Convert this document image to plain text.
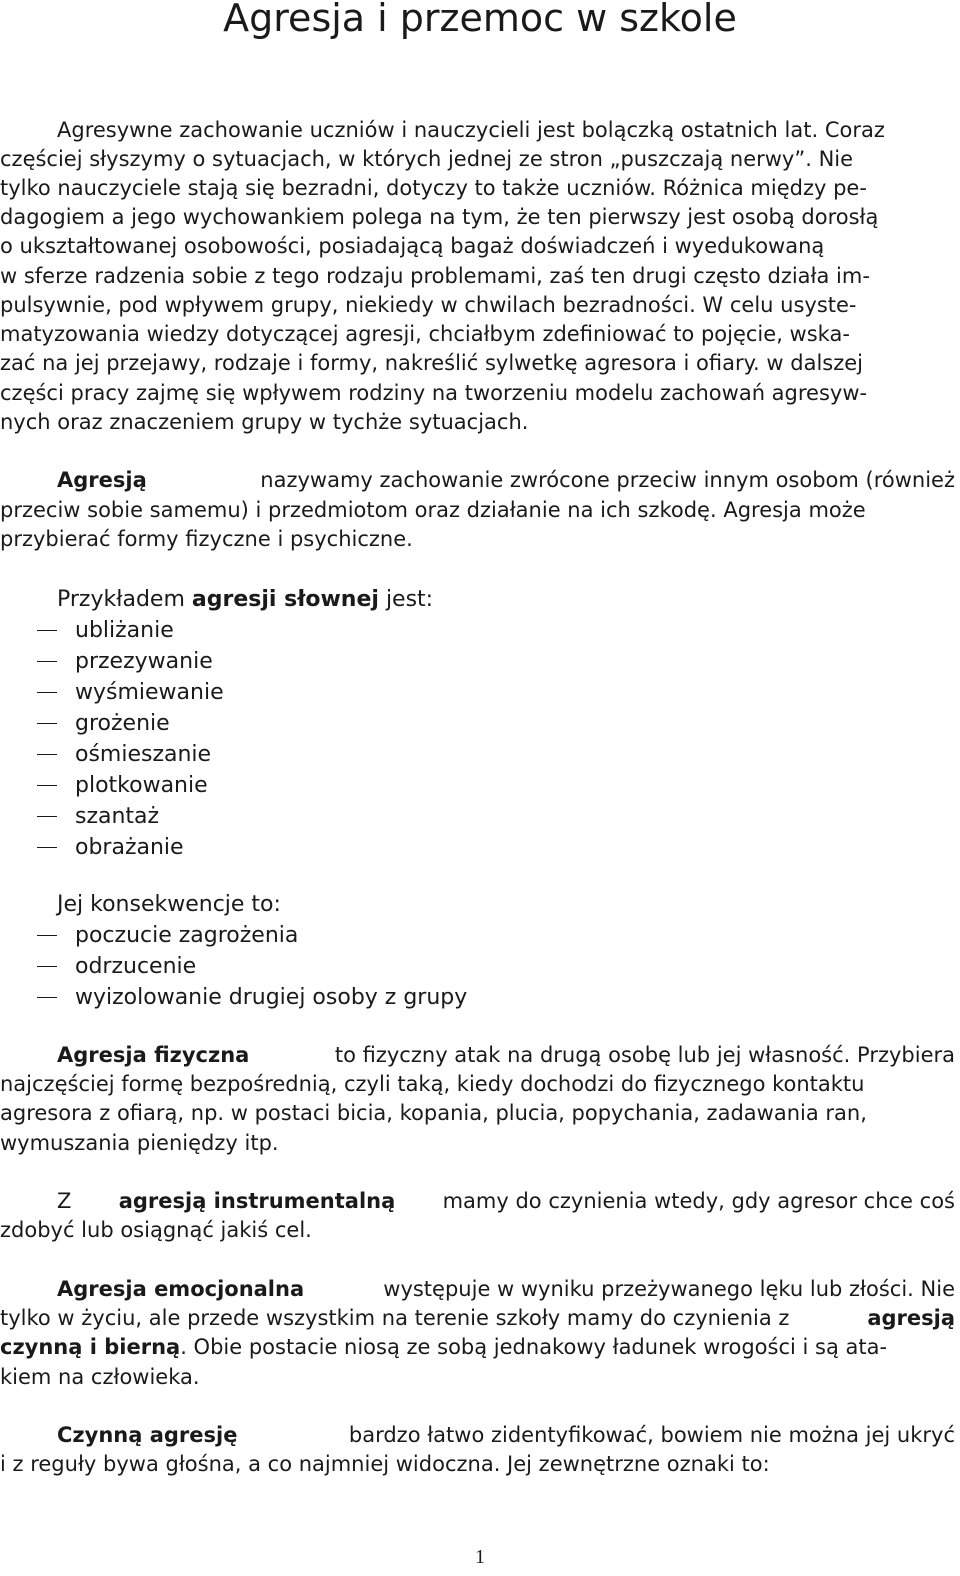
Agresja i przemoc w szkole
Agresywne zachowanie uczniów i nauczycieli jest bolączką ostatnich lat. Coraz
częściej słyszymy o sytuacjach, w których jednej ze stron „puszczają nerwy”. Nie
tylko nauczyciele stają się bezradni, dotyczy to także uczniów. Różnica między pe-
dagogiem a jego wychowankiem polega na tym, że ten pierwszy jest osobą dorosłą
o ukształtowanej osobowości, posiadającą bagaż doświadczeń i wyedukowaną
w sferze radzenia sobie z tego rodzaju problemami, zaś ten drugi często działa im-
pulsywnie, pod wpływem grupy, niekiedy w chwilach bezradności. W celu usyste-
matyzowania wiedzy dotyczącej agresji, chciałbym zdefiniować to pojęcie, wska-
zać na jej przejawy, rodzaje i formy, nakreślić sylwetkę agresora i ofiary. w dalszej
części pracy zajmę się wpływem rodziny na tworzeniu modelu zachowań agresyw-
nych oraz znaczeniem grupy w tychże sytuacjach.
Agresją	nazywamy zachowanie zwrócone przeciw innym osobom (również
przeciw sobie samemu) i przedmiotom oraz działanie na ich szkodę. Agresja może
przybierać formy fizyczne i psychiczne.
Przykładem agresji słownej jest:
ubliżanie
przezywanie
wyśmiewanie
grożenie
ośmieszanie
plotkowanie
szantaż
obrażanie
Jej konsekwencje to:
poczucie zagrożenia
odrzucenie
wyizolowanie drugiej osoby z grupy
Agresja fizyczna	to fizyczny atak na drugą osobę lub jej własność. Przybiera
najczęściej formę bezpośrednią, czyli taką, kiedy dochodzi do fizycznego kontaktu
agresora z ofiarą, np. w postaci bicia, kopania, plucia, popychania, zadawania ran,
wymuszania pieniędzy itp.
Z agresją instrumentalną mamy do czynienia wtedy, gdy agresor chce coś
zdobyć lub osiągnąć jakiś cel.
Agresja emocjonalna	występuje w wyniku przeżywanego lęku lub złości. Nie
tylko w życiu, ale przede wszystkim na terenie szkoły mamy do czynienia z	agresją
czynną i bierną. Obie postacie niosą ze sobą jednakowy ładunek wrogości i są ata-
kiem na człowieka.
Czynną agresję	bardzo łatwo zidentyfikować, bowiem nie można jej ukryć
i z reguły bywa głośna, a co najmniej widoczna. Jej zewnętrzne oznaki to:
1
